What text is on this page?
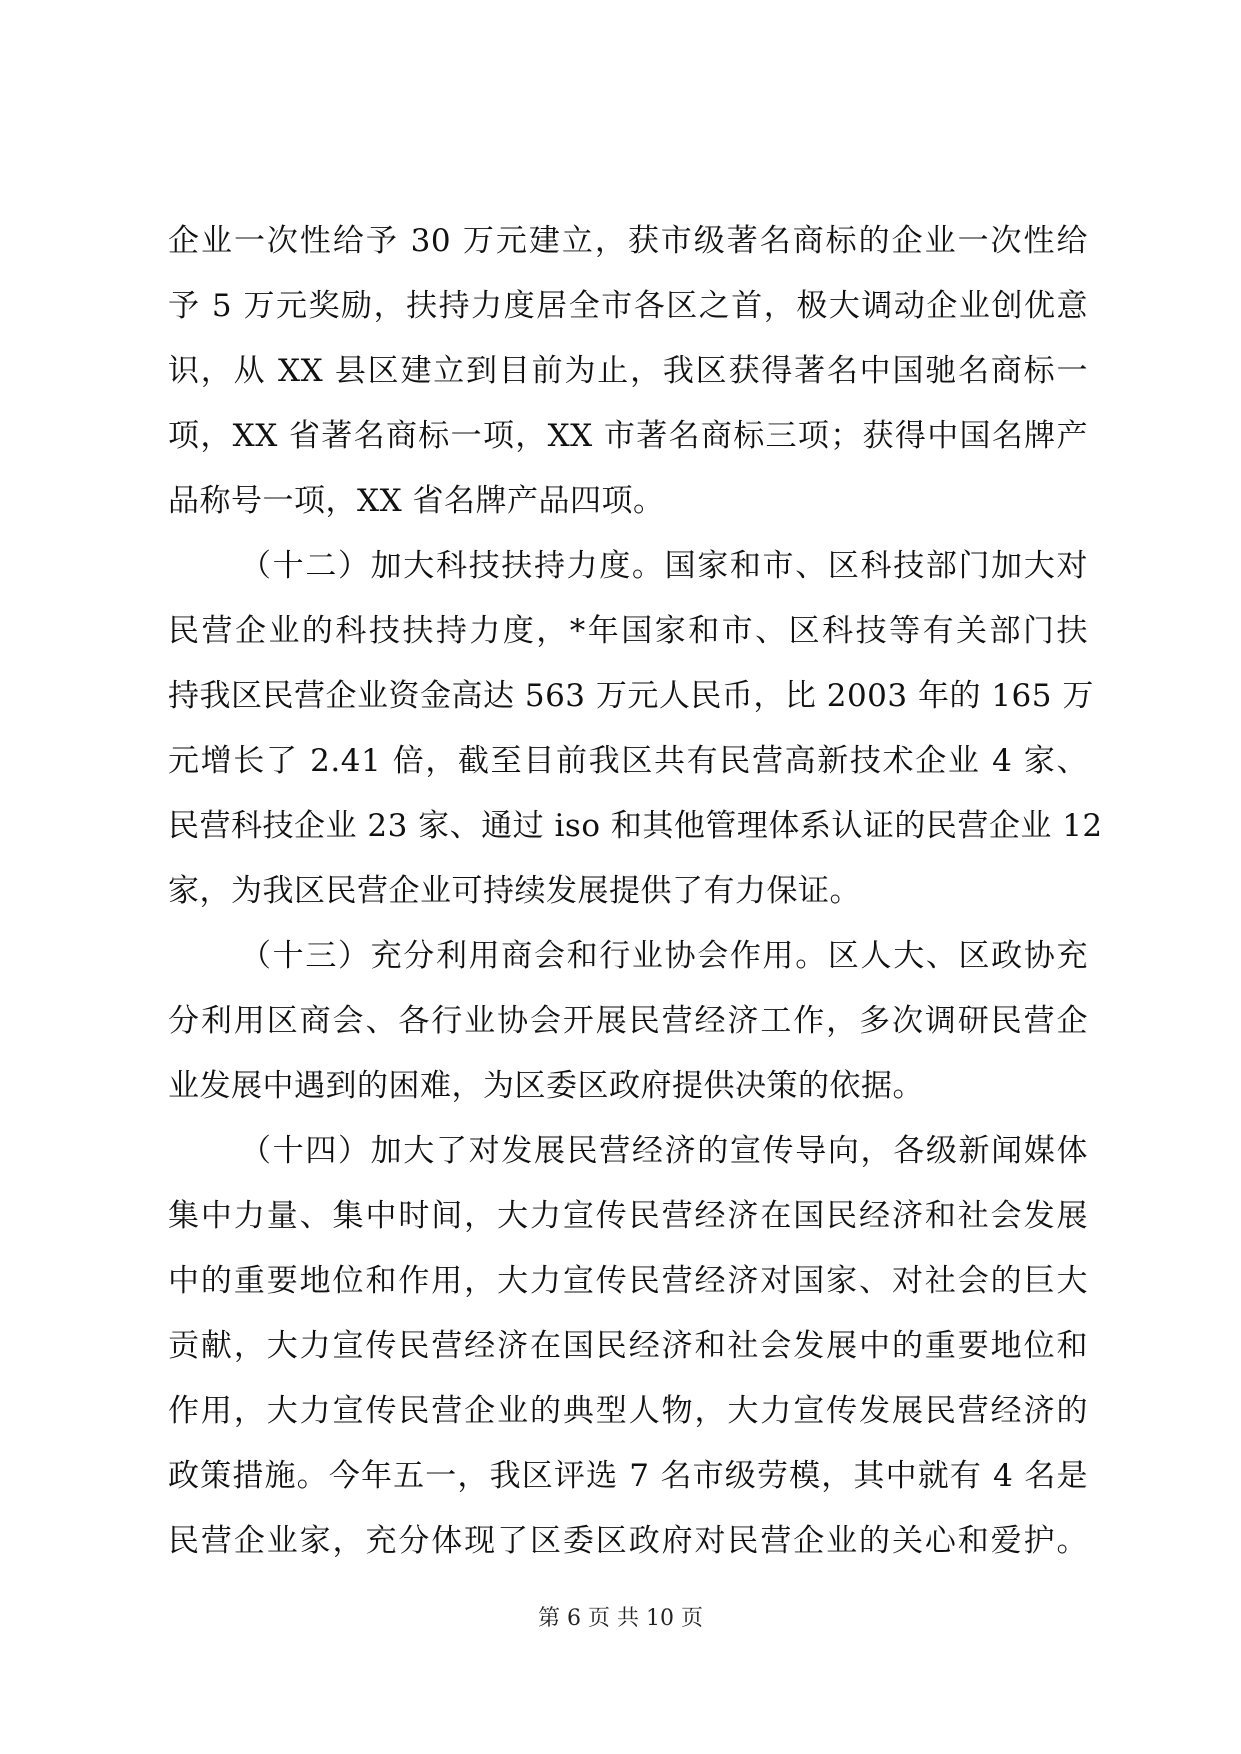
企业一次性给予 30 万元建立，获市级著名商标的企业一次性给
予 5 万元奖励，扶持力度居全市各区之首，极大调动企业创优意
识，从 XX 县区建立到目前为止，我区获得著名中国驰名商标一
项，XX 省著名商标一项，XX 市著名商标三项；获得中国名牌产
品称号一项，XX 省名牌产品四项。
（十二）加大科技扶持力度。国家和市、区科技部门加大对
民营企业的科技扶持力度，*年国家和市、区科技等有关部门扶
持我区民营企业资金高达 563 万元人民币，比 2003 年的 165 万
元增长了 2.41 倍，截至目前我区共有民营高新技术企业 4 家、
民营科技企业 23 家、通过 iso 和其他管理体系认证的民营企业 12
家，为我区民营企业可持续发展提供了有力保证。
（十三）充分利用商会和行业协会作用。区人大、区政协充
分利用区商会、各行业协会开展民营经济工作，多次调研民营企
业发展中遇到的困难，为区委区政府提供决策的依据。
（十四）加大了对发展民营经济的宣传导向，各级新闻媒体
集中力量、集中时间，大力宣传民营经济在国民经济和社会发展
中的重要地位和作用，大力宣传民营经济对国家、对社会的巨大
贡献，大力宣传民营经济在国民经济和社会发展中的重要地位和
作用，大力宣传民营企业的典型人物，大力宣传发展民营经济的
政策措施。今年五一，我区评选 7 名市级劳模，其中就有 4 名是
民营企业家，充分体现了区委区政府对民营企业的关心和爱护。
第 6 页 共 10 页
